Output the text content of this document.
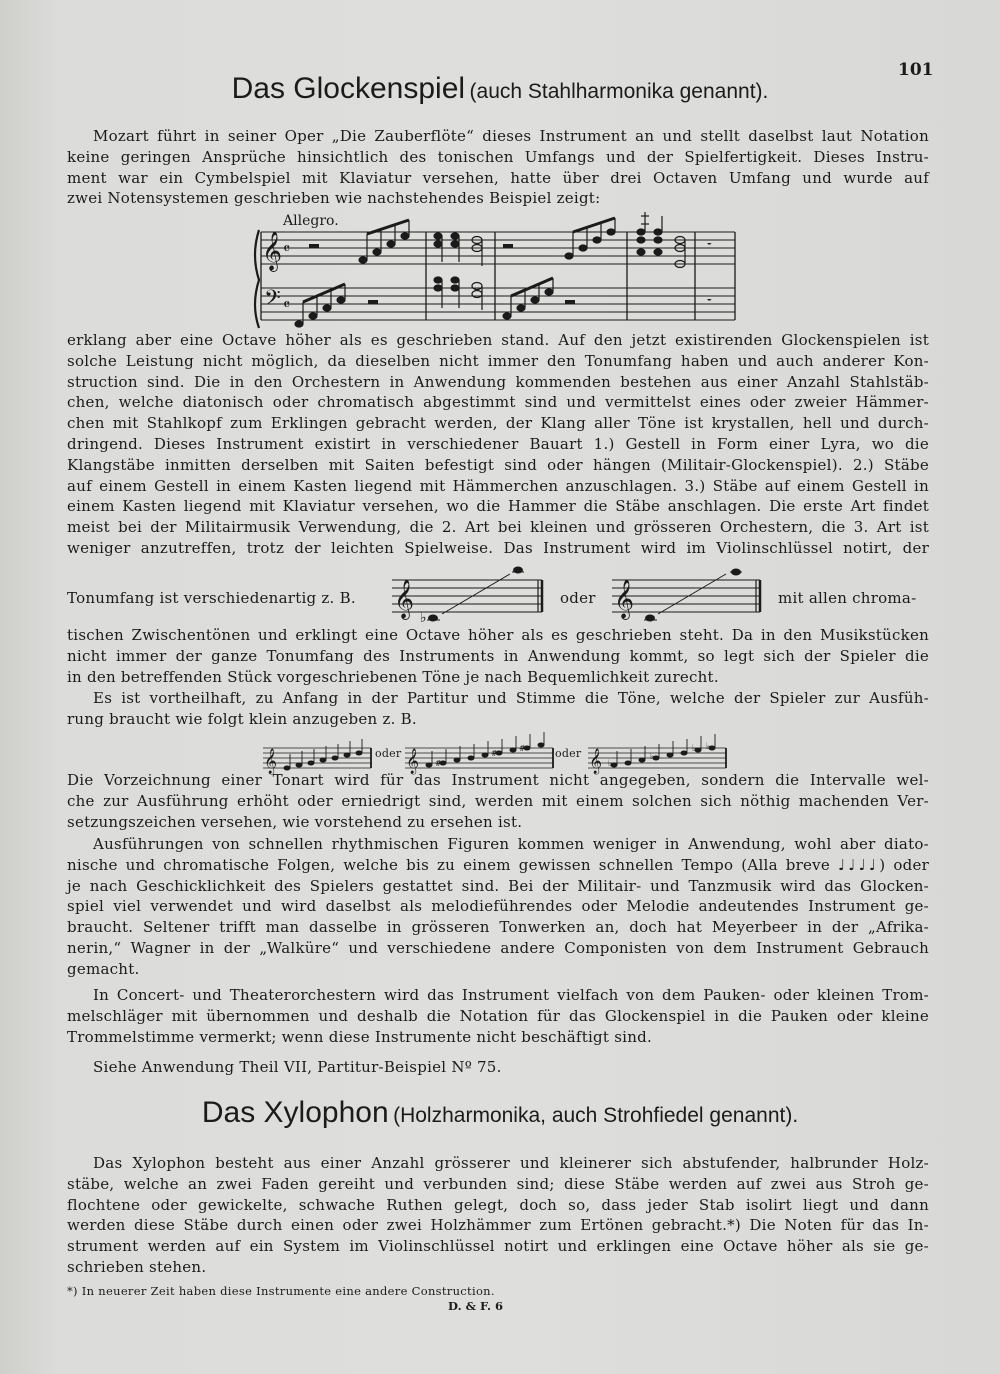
101
Das Glockenspiel (auch Stahlharmonika genannt).
Mozart führt in seiner Oper „Die Zauberflöte“ dieses Instrument an und stellt daselbst laut Notation
keine geringen Ansprüche hinsichtlich des tonischen Umfangs und der Spielfertigkeit. Dieses Instru-
ment war ein Cymbelspiel mit Klaviatur versehen, hatte über drei Octaven Umfang und wurde auf
zwei Notensystemen geschrieben wie nachstehendes Beispiel zeigt:
Allegro.
𝄞
𝄢
𝄴
𝄴
𝄻
𝄻
erklang aber eine Octave höher als es geschrieben stand. Auf den jetzt existirenden Glockenspielen ist
solche Leistung nicht möglich, da dieselben nicht immer den Tonumfang haben und auch anderer Kon-
struction sind. Die in den Orchestern in Anwendung kommenden bestehen aus einer Anzahl Stahlstäb-
chen, welche diatonisch oder chromatisch abgestimmt sind und vermittelst eines oder zweier Hämmer-
chen mit Stahlkopf zum Erklingen gebracht werden, der Klang aller Töne ist krystallen, hell und durch-
dringend. Dieses Instrument existirt in verschiedener Bauart 1.) Gestell in Form einer Lyra, wo die
Klangstäbe inmitten derselben mit Saiten befestigt sind oder hängen (Militair-Glockenspiel). 2.) Stäbe
auf einem Gestell in einem Kasten liegend mit Hämmerchen anzuschlagen. 3.) Stäbe auf einem Gestell in
einem Kasten liegend mit Klaviatur versehen, wo die Hammer die Stäbe anschlagen. Die erste Art findet
meist bei der Militairmusik Verwendung, die 2. Art bei kleinen und grösseren Orchestern, die 3. Art ist
weniger anzutreffen, trotz der leichten Spielweise. Das Instrument wird im Violinschlüssel notirt, der
Tonumfang ist verschiedenartig z. B. 𝄞 ♭
oder 𝄞	mit allen chroma-
tischen Zwischentönen und erklingt eine Octave höher als es geschrieben steht. Da in den Musikstücken
nicht immer der ganze Tonumfang des Instruments in Anwendung kommt, so legt sich der Spieler die
in den betreffenden Stück vorgeschriebenen Töne je nach Bequemlichkeit zurecht.
Es ist vortheilhaft, zu Anfang in der Partitur und Stimme die Töne, welche der Spieler zur Ausfüh-
rung braucht wie folgt klein anzugeben z. B.
𝄞	oder 𝄞 #
#
#	oder 𝄞 ♭
♭
♭ ♭
Die Vorzeichnung einer Tonart wird für das Instrument nicht angegeben, sondern die Intervalle wel-
che zur Ausführung erhöht oder erniedrigt sind, werden mit einem solchen sich nöthig machenden Ver-
setzungszeichen versehen, wie vorstehend zu ersehen ist.
Ausführungen von schnellen rhythmischen Figuren kommen weniger in Anwendung, wohl aber diato-
nische und chromatische Folgen, welche bis zu einem gewissen schnellen Tempo (Alla breve ♩♩♩♩) oder
je nach Geschicklichkeit des Spielers gestattet sind. Bei der Militair- und Tanzmusik wird das Glocken-
spiel viel verwendet und wird daselbst als melodieführendes oder Melodie andeutendes Instrument ge-
braucht. Seltener trifft man dasselbe in grösseren Tonwerken an, doch hat Meyerbeer in der „Afrika-
nerin,“ Wagner in der „Walküre“ und verschiedene andere Componisten von dem Instrument Gebrauch
gemacht.
In Concert- und Theaterorchestern wird das Instrument vielfach von dem Pauken- oder kleinen Trom-
melschläger mit übernommen und deshalb die Notation für das Glockenspiel in die Pauken oder kleine
Trommelstimme vermerkt; wenn diese Instrumente nicht beschäftigt sind.
Siehe Anwendung Theil VII, Partitur-Beispiel Nº 75.
Das Xylophon (Holzharmonika, auch Strohfiedel genannt).
Das Xylophon besteht aus einer Anzahl grösserer und kleinerer sich abstufender, halbrunder Holz-
stäbe, welche an zwei Faden gereiht und verbunden sind; diese Stäbe werden auf zwei aus Stroh ge-
flochtene oder gewickelte, schwache Ruthen gelegt, doch so, dass jeder Stab isolirt liegt und dann
werden diese Stäbe durch einen oder zwei Holzhämmer zum Ertönen gebracht.*) Die Noten für das In-
strument werden auf ein System im Violinschlüssel notirt und erklingen eine Octave höher als sie ge-
schrieben stehen.
*) In neuerer Zeit haben diese Instrumente eine andere Construction.
D. & F. 6
